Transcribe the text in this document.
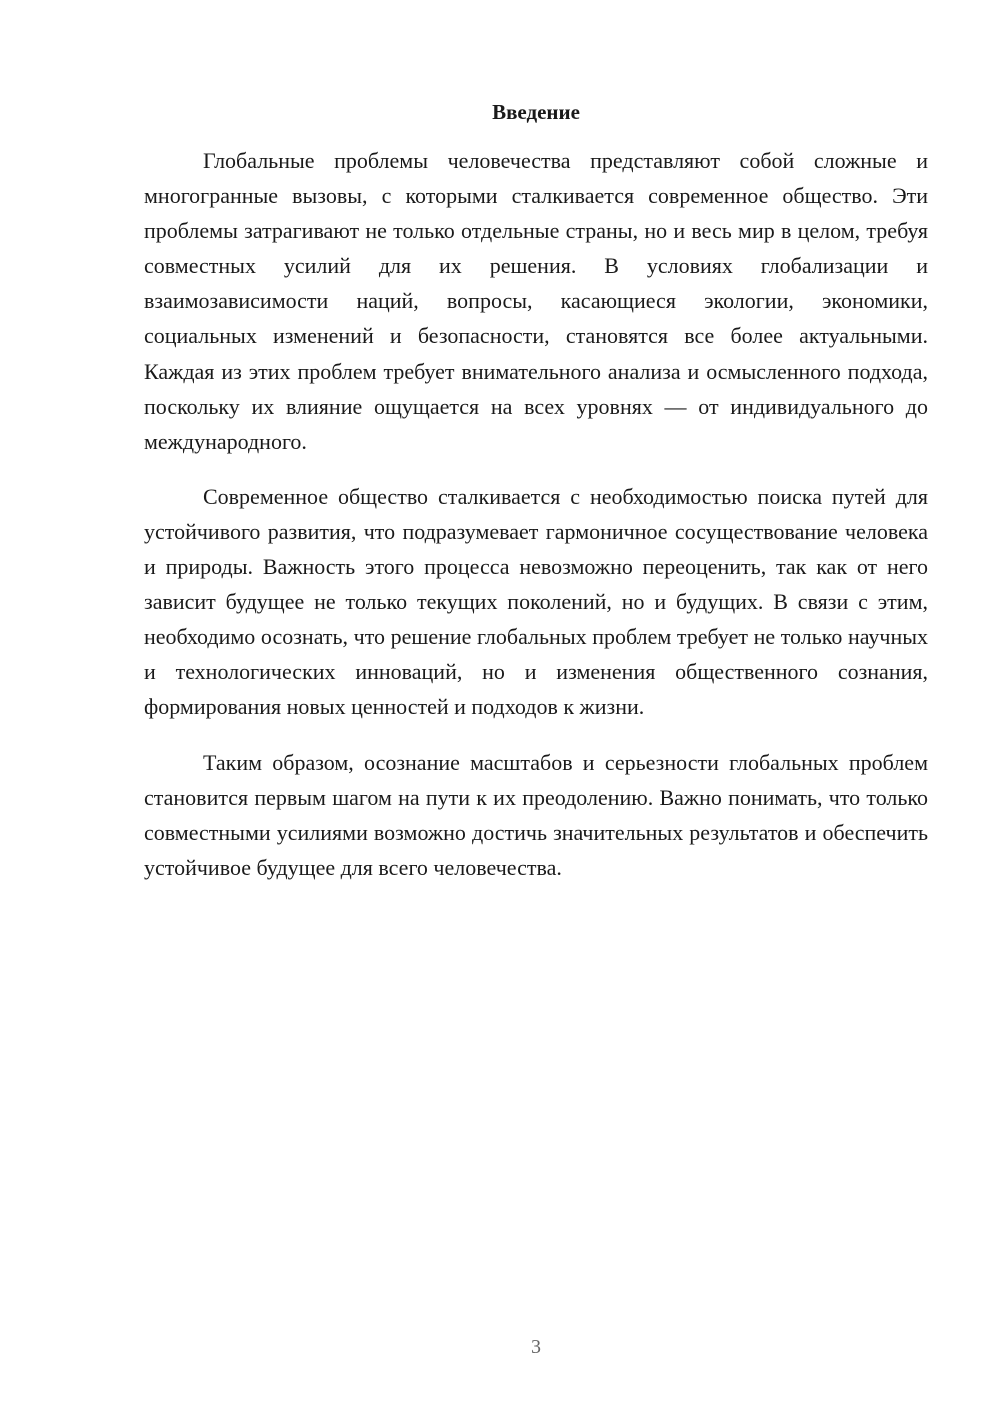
Введение

Глобальные проблемы человечества представляют собой сложные и многогранные вызовы, с которыми сталкивается современное общество. Эти проблемы затрагивают не только отдельные страны, но и весь мир в целом, требуя совместных усилий для их решения. В условиях глобализации и взаимозависимости наций, вопросы, касающиеся экологии, экономики, социальных изменений и безопасности, становятся все более актуальными. Каждая из этих проблем требует внимательного анализа и осмысленного подхода, поскольку их влияние ощущается на всех уровнях — от индивидуального до международного.

Современное общество сталкивается с необходимостью поиска путей для устойчивого развития, что подразумевает гармоничное сосуществование человека и природы. Важность этого процесса невозможно переоценить, так как от него зависит будущее не только текущих поколений, но и будущих. В связи с этим, необходимо осознать, что решение глобальных проблем требует не только научных и технологических инноваций, но и изменения общественного сознания, формирования новых ценностей и подходов к жизни.

Таким образом, осознание масштабов и серьезности глобальных проблем становится первым шагом на пути к их преодолению. Важно понимать, что только совместными усилиями возможно достичь значительных результатов и обеспечить устойчивое будущее для всего человечества.

3
